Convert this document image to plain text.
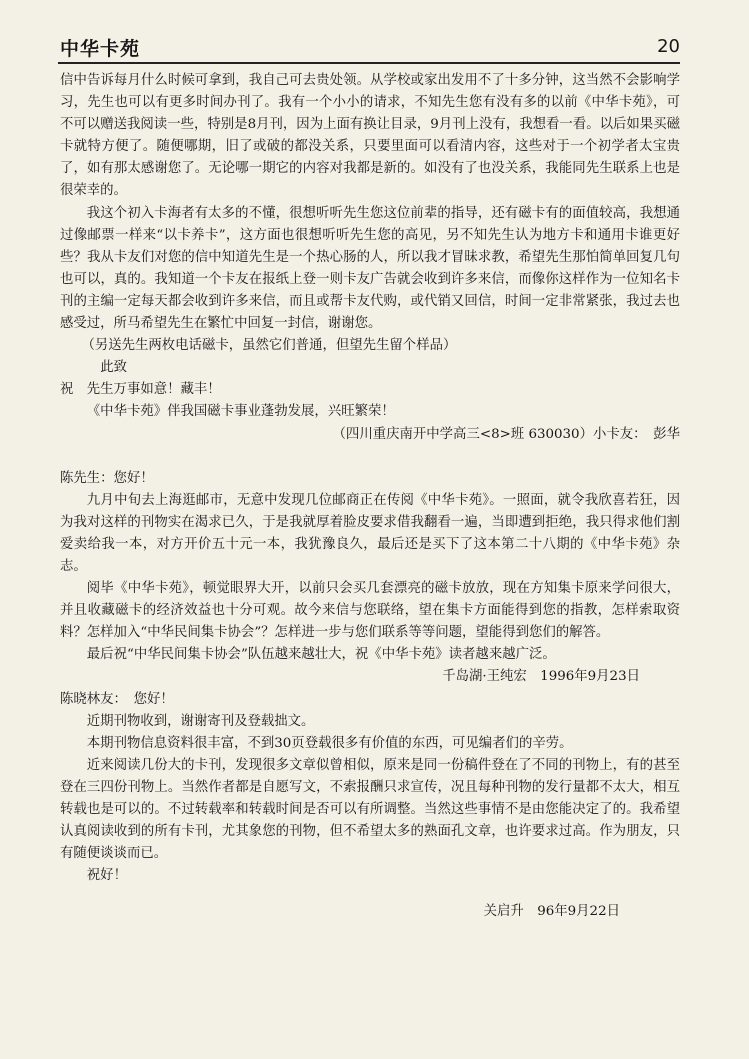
中华卡苑	20

信中告诉每月什么时候可拿到，我自己可去贵处领。从学校或家出发用不了十多分钟，这当然不会影响学习，先生也可以有更多时间办刊了。我有一个小小的请求，不知先生您有没有多的以前《中华卡苑》，可不可以赠送我阅读一些，特别是8月刊，因为上面有换让目录，9月刊上没有，我想看一看。以后如果买磁卡就特方便了。随便哪期，旧了或破的都没关系，只要里面可以看清内容，这些对于一个初学者太宝贵了，如有那太感谢您了。无论哪一期它的内容对我都是新的。如没有了也没关系，我能同先生联系上也是很荣幸的。

我这个初入卡海者有太多的不懂，很想听听先生您这位前辈的指导，还有磁卡有的面值较高，我想通过像邮票一样来“以卡养卡”，这方面也很想听听先生您的高见，另不知先生认为地方卡和通用卡谁更好些？我从卡友们对您的信中知道先生是一个热心肠的人，所以我才冒昧求教，希望先生那怕简单回复几句也可以，真的。我知道一个卡友在报纸上登一则卡友广告就会收到许多来信，而像你这样作为一位知名卡刊的主编一定每天都会收到许多来信，而且或帮卡友代购，或代销又回信，时间一定非常紧张，我过去也感受过，所马希望先生在繁忙中回复一封信，谢谢您。

（另送先生两枚电话磁卡，虽然它们普通，但望先生留个样品）

此致

祝　先生万事如意！藏丰！

《中华卡苑》伴我国磁卡事业蓬勃发展，兴旺繁荣！

（四川重庆南开中学高三<8>班 630030）小卡友：　彭华

陈先生：您好！

九月中旬去上海逛邮市，无意中发现几位邮商正在传阅《中华卡苑》。一照面，就令我欣喜若狂，因为我对这样的刊物实在渴求已久，于是我就厚着脸皮要求借我翻看一遍，当即遭到拒绝，我只得求他们割爱卖给我一本，对方开价五十元一本，我犹豫良久，最后还是买下了这本第二十八期的《中华卡苑》杂志。

阅毕《中华卡苑》，顿觉眼界大开，以前只会买几套漂亮的磁卡放放，现在方知集卡原来学问很大，并且收藏磁卡的经济效益也十分可观。故今来信与您联络，望在集卡方面能得到您的指教，怎样索取资料？怎样加入“中华民间集卡协会”？怎样进一步与您们联系等等问题，望能得到您们的解答。

最后祝“中华民间集卡协会”队伍越来越壮大，祝《中华卡苑》读者越来越广泛。

千岛湖·王纯宏　1996年9月23日

陈晓林友：　您好！

近期刊物收到，谢谢寄刊及登载拙文。

本期刊物信息资料很丰富，不到30页登载很多有价值的东西，可见编者们的辛劳。

近来阅读几份大的卡刊，发现很多文章似曾相似，原来是同一份稿件登在了不同的刊物上，有的甚至登在三四份刊物上。当然作者都是自愿写文，不索报酬只求宣传，况且每种刊物的发行量都不太大，相互转载也是可以的。不过转载率和转载时间是否可以有所调整。当然这些事情不是由您能决定了的。我希望认真阅读收到的所有卡刊，尤其象您的刊物，但不希望太多的熟面孔文章，也许要求过高。作为朋友，只有随便谈谈而已。

祝好！

关启升　96年9月22日
